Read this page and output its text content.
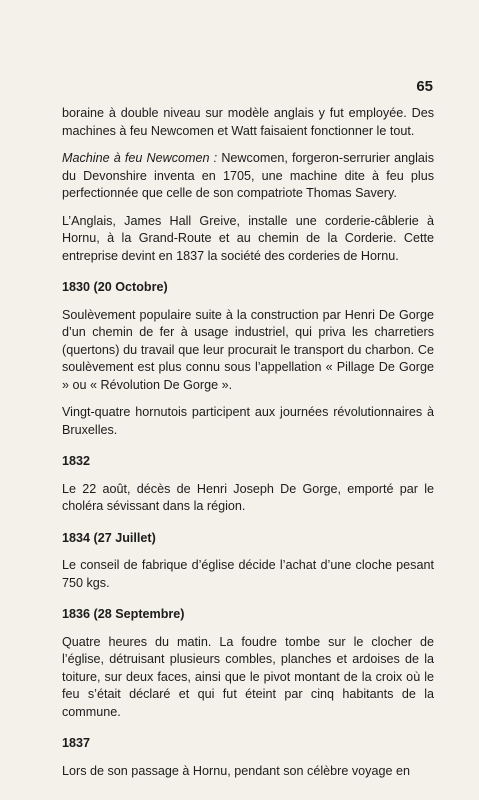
65

boraine à double niveau sur modèle anglais y fut employée. Des machines à feu Newcomen et Watt faisaient fonctionner le tout.

Machine à feu Newcomen : Newcomen, forgeron-serrurier anglais du Devonshire inventa en 1705, une machine dite à feu plus perfectionnée que celle de son compatriote Thomas Savery.

L’Anglais, James Hall Greive, installe une corderie-câblerie à Hornu, à la Grand-Route et au chemin de la Corderie. Cette entreprise devint en 1837 la société des corderies de Hornu.

1830 (20 Octobre)

Soulèvement populaire suite à la construction par Henri De Gorge d’un chemin de fer à usage industriel, qui priva les charretiers (quertons) du travail que leur procurait le transport du charbon. Ce soulèvement est plus connu sous l’appellation « Pillage De Gorge » ou « Révolution De Gorge ».

Vingt-quatre hornutois participent aux journées révolutionnaires à Bruxelles.

1832

Le 22 août, décès de Henri Joseph De Gorge, emporté par le choléra sévissant dans la région.

1834 (27 Juillet)

Le conseil de fabrique d’église décide l’achat d’une cloche pesant 750 kgs.

1836 (28 Septembre)

Quatre heures du matin. La foudre tombe sur le clocher de l’église, détruisant plusieurs combles, planches et ardoises de la toiture, sur deux faces, ainsi que le pivot montant de la croix où le feu s’était déclaré et qui fut éteint par cinq habitants de la commune.

1837

Lors de son passage à Hornu, pendant son célèbre voyage en
